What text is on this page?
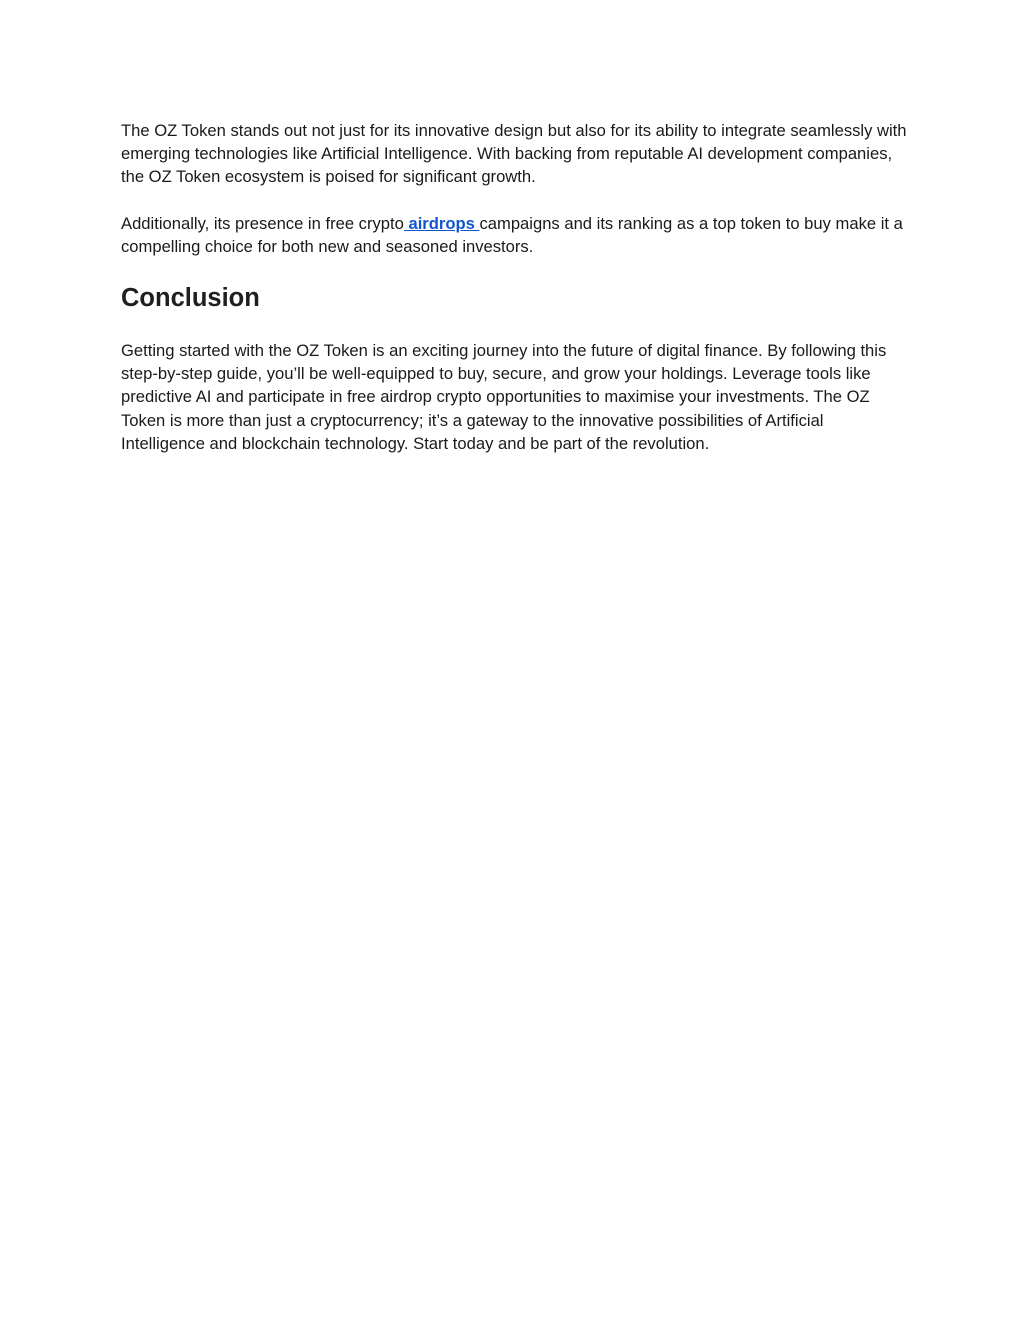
The OZ Token stands out not just for its innovative design but also for its ability to integrate seamlessly with emerging technologies like Artificial Intelligence. With backing from reputable AI development companies, the OZ Token ecosystem is poised for significant growth.

Additionally, its presence in free crypto airdrops campaigns and its ranking as a top token to buy make it a compelling choice for both new and seasoned investors.

Conclusion

Getting started with the OZ Token is an exciting journey into the future of digital finance. By following this step-by-step guide, you’ll be well-equipped to buy, secure, and grow your holdings. Leverage tools like predictive AI and participate in free airdrop crypto opportunities to maximise your investments. The OZ Token is more than just a cryptocurrency; it’s a gateway to the innovative possibilities of Artificial Intelligence and blockchain technology. Start today and be part of the revolution.
